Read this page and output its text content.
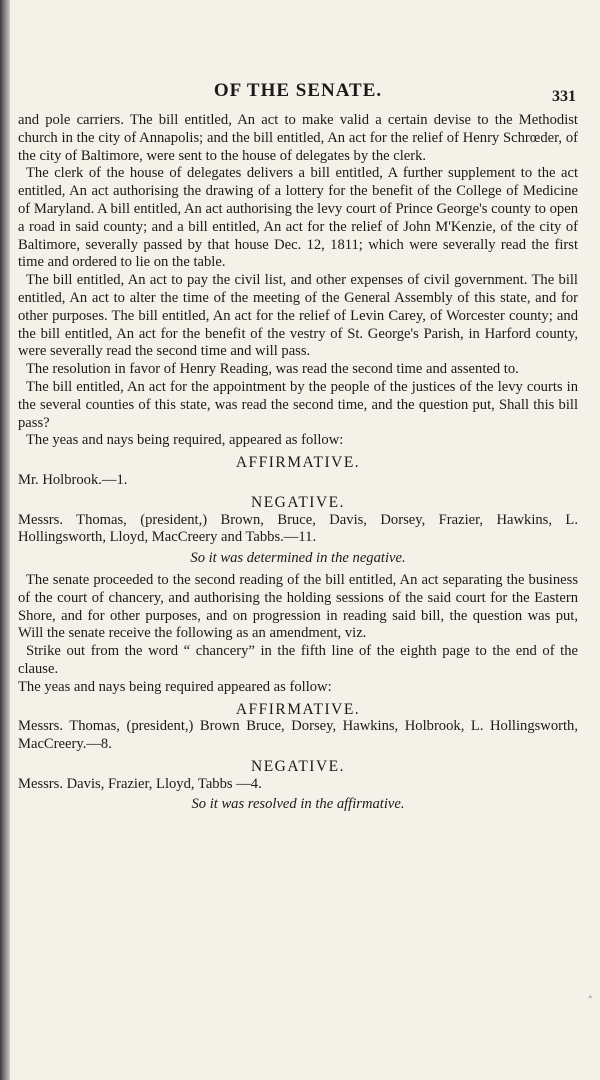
OF THE SENATE.	331

and pole carriers. The bill entitled, An act to make valid a certain devise to the Methodist church in the city of Annapolis; and the bill entitled, An act for the relief of Henry Schrœder, of the city of Baltimore, were sent to the house of delegates by the clerk.

The clerk of the house of delegates delivers a bill entitled, A further supplement to the act entitled, An act authorising the drawing of a lottery for the benefit of the College of Medicine of Maryland. A bill entitled, An act authorising the levy court of Prince George's county to open a road in said county; and a bill entitled, An act for the relief of John M'Kenzie, of the city of Baltimore, severally passed by that house Dec. 12, 1811; which were severally read the first time and ordered to lie on the table.

The bill entitled, An act to pay the civil list, and other expenses of civil government. The bill entitled, An act to alter the time of the meeting of the General Assembly of this state, and for other purposes. The bill entitled, An act for the relief of Levin Carey, of Worcester county; and the bill entitled, An act for the benefit of the vestry of St. George's Parish, in Harford county, were severally read the second time and will pass.

The resolution in favor of Henry Reading, was read the second time and assented to.

The bill entitled, An act for the appointment by the people of the justices of the levy courts in the several counties of this state, was read the second time, and the question put, Shall this bill pass?

The yeas and nays being required, appeared as follow:

AFFIRMATIVE.

Mr. Holbrook.—1.

NEGATIVE.

Messrs. Thomas, (president,) Brown, Bruce, Davis, Dorsey, Frazier, Hawkins, L. Hollingsworth, Lloyd, MacCreery and Tabbs.—11.

So it was determined in the negative.

The senate proceeded to the second reading of the bill entitled, An act separating the business of the court of chancery, and authorising the holding sessions of the said court for the Eastern Shore, and for other purposes, and on progression in reading said bill, the question was put, Will the senate receive the following as an amendment, viz.

Strike out from the word “ chancery” in the fifth line of the eighth page to the end of the clause.

The yeas and nays being required appeared as follow:

AFFIRMATIVE.

Messrs. Thomas, (president,) Brown Bruce, Dorsey, Hawkins, Holbrook, L. Hollingsworth, MacCreery.—8.

NEGATIVE.

Messrs. Davis, Frazier, Lloyd, Tabbs —4.

So it was resolved in the affirmative.

◦
